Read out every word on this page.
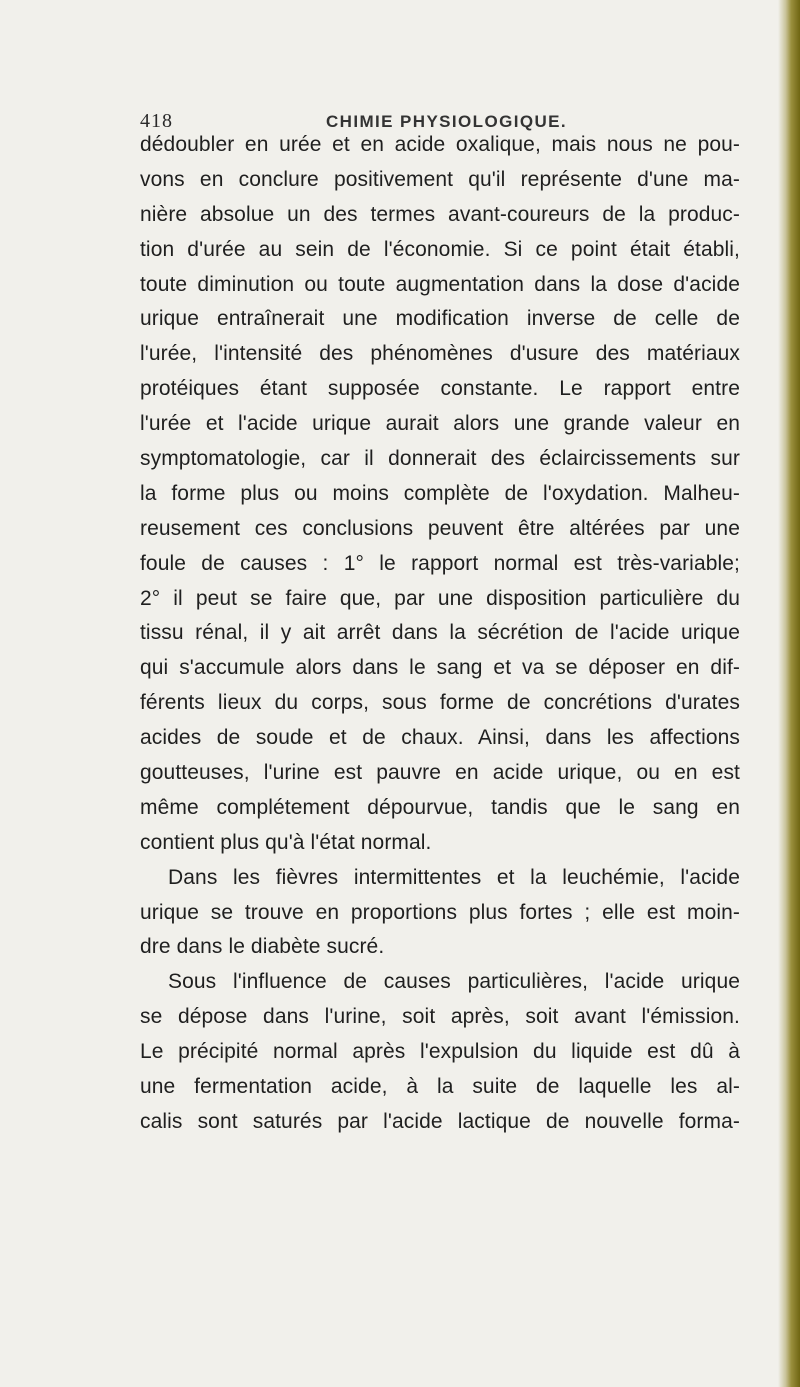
418	CHIMIE PHYSIOLOGIQUE.
dédoubler en urée et en acide oxalique, mais nous ne pou-
vons en conclure positivement qu'il représente d'une ma-
nière absolue un des termes avant-coureurs de la produc-
tion d'urée au sein de l'économie. Si ce point était établi,
toute diminution ou toute augmentation dans la dose d'acide
urique entraînerait une modification inverse de celle de
l'urée, l'intensité des phénomènes d'usure des matériaux
protéiques étant supposée constante. Le rapport entre
l'urée et l'acide urique aurait alors une grande valeur en
symptomatologie, car il donnerait des éclaircissements sur
la forme plus ou moins complète de l'oxydation. Malheu-
reusement ces conclusions peuvent être altérées par une
foule de causes : 1° le rapport normal est très-variable;
2° il peut se faire que, par une disposition particulière du
tissu rénal, il y ait arrêt dans la sécrétion de l'acide urique
qui s'accumule alors dans le sang et va se déposer en dif-
férents lieux du corps, sous forme de concrétions d'urates
acides de soude et de chaux. Ainsi, dans les affections
goutteuses, l'urine est pauvre en acide urique, ou en est
même complétement dépourvue, tandis que le sang en
contient plus qu'à l'état normal.
Dans les fièvres intermittentes et la leuchémie, l'acide
urique se trouve en proportions plus fortes ; elle est moin-
dre dans le diabète sucré.
Sous l'influence de causes particulières, l'acide urique
se dépose dans l'urine, soit après, soit avant l'émission.
Le précipité normal après l'expulsion du liquide est dû à
une fermentation acide, à la suite de laquelle les al-
calis sont saturés par l'acide lactique de nouvelle forma-
